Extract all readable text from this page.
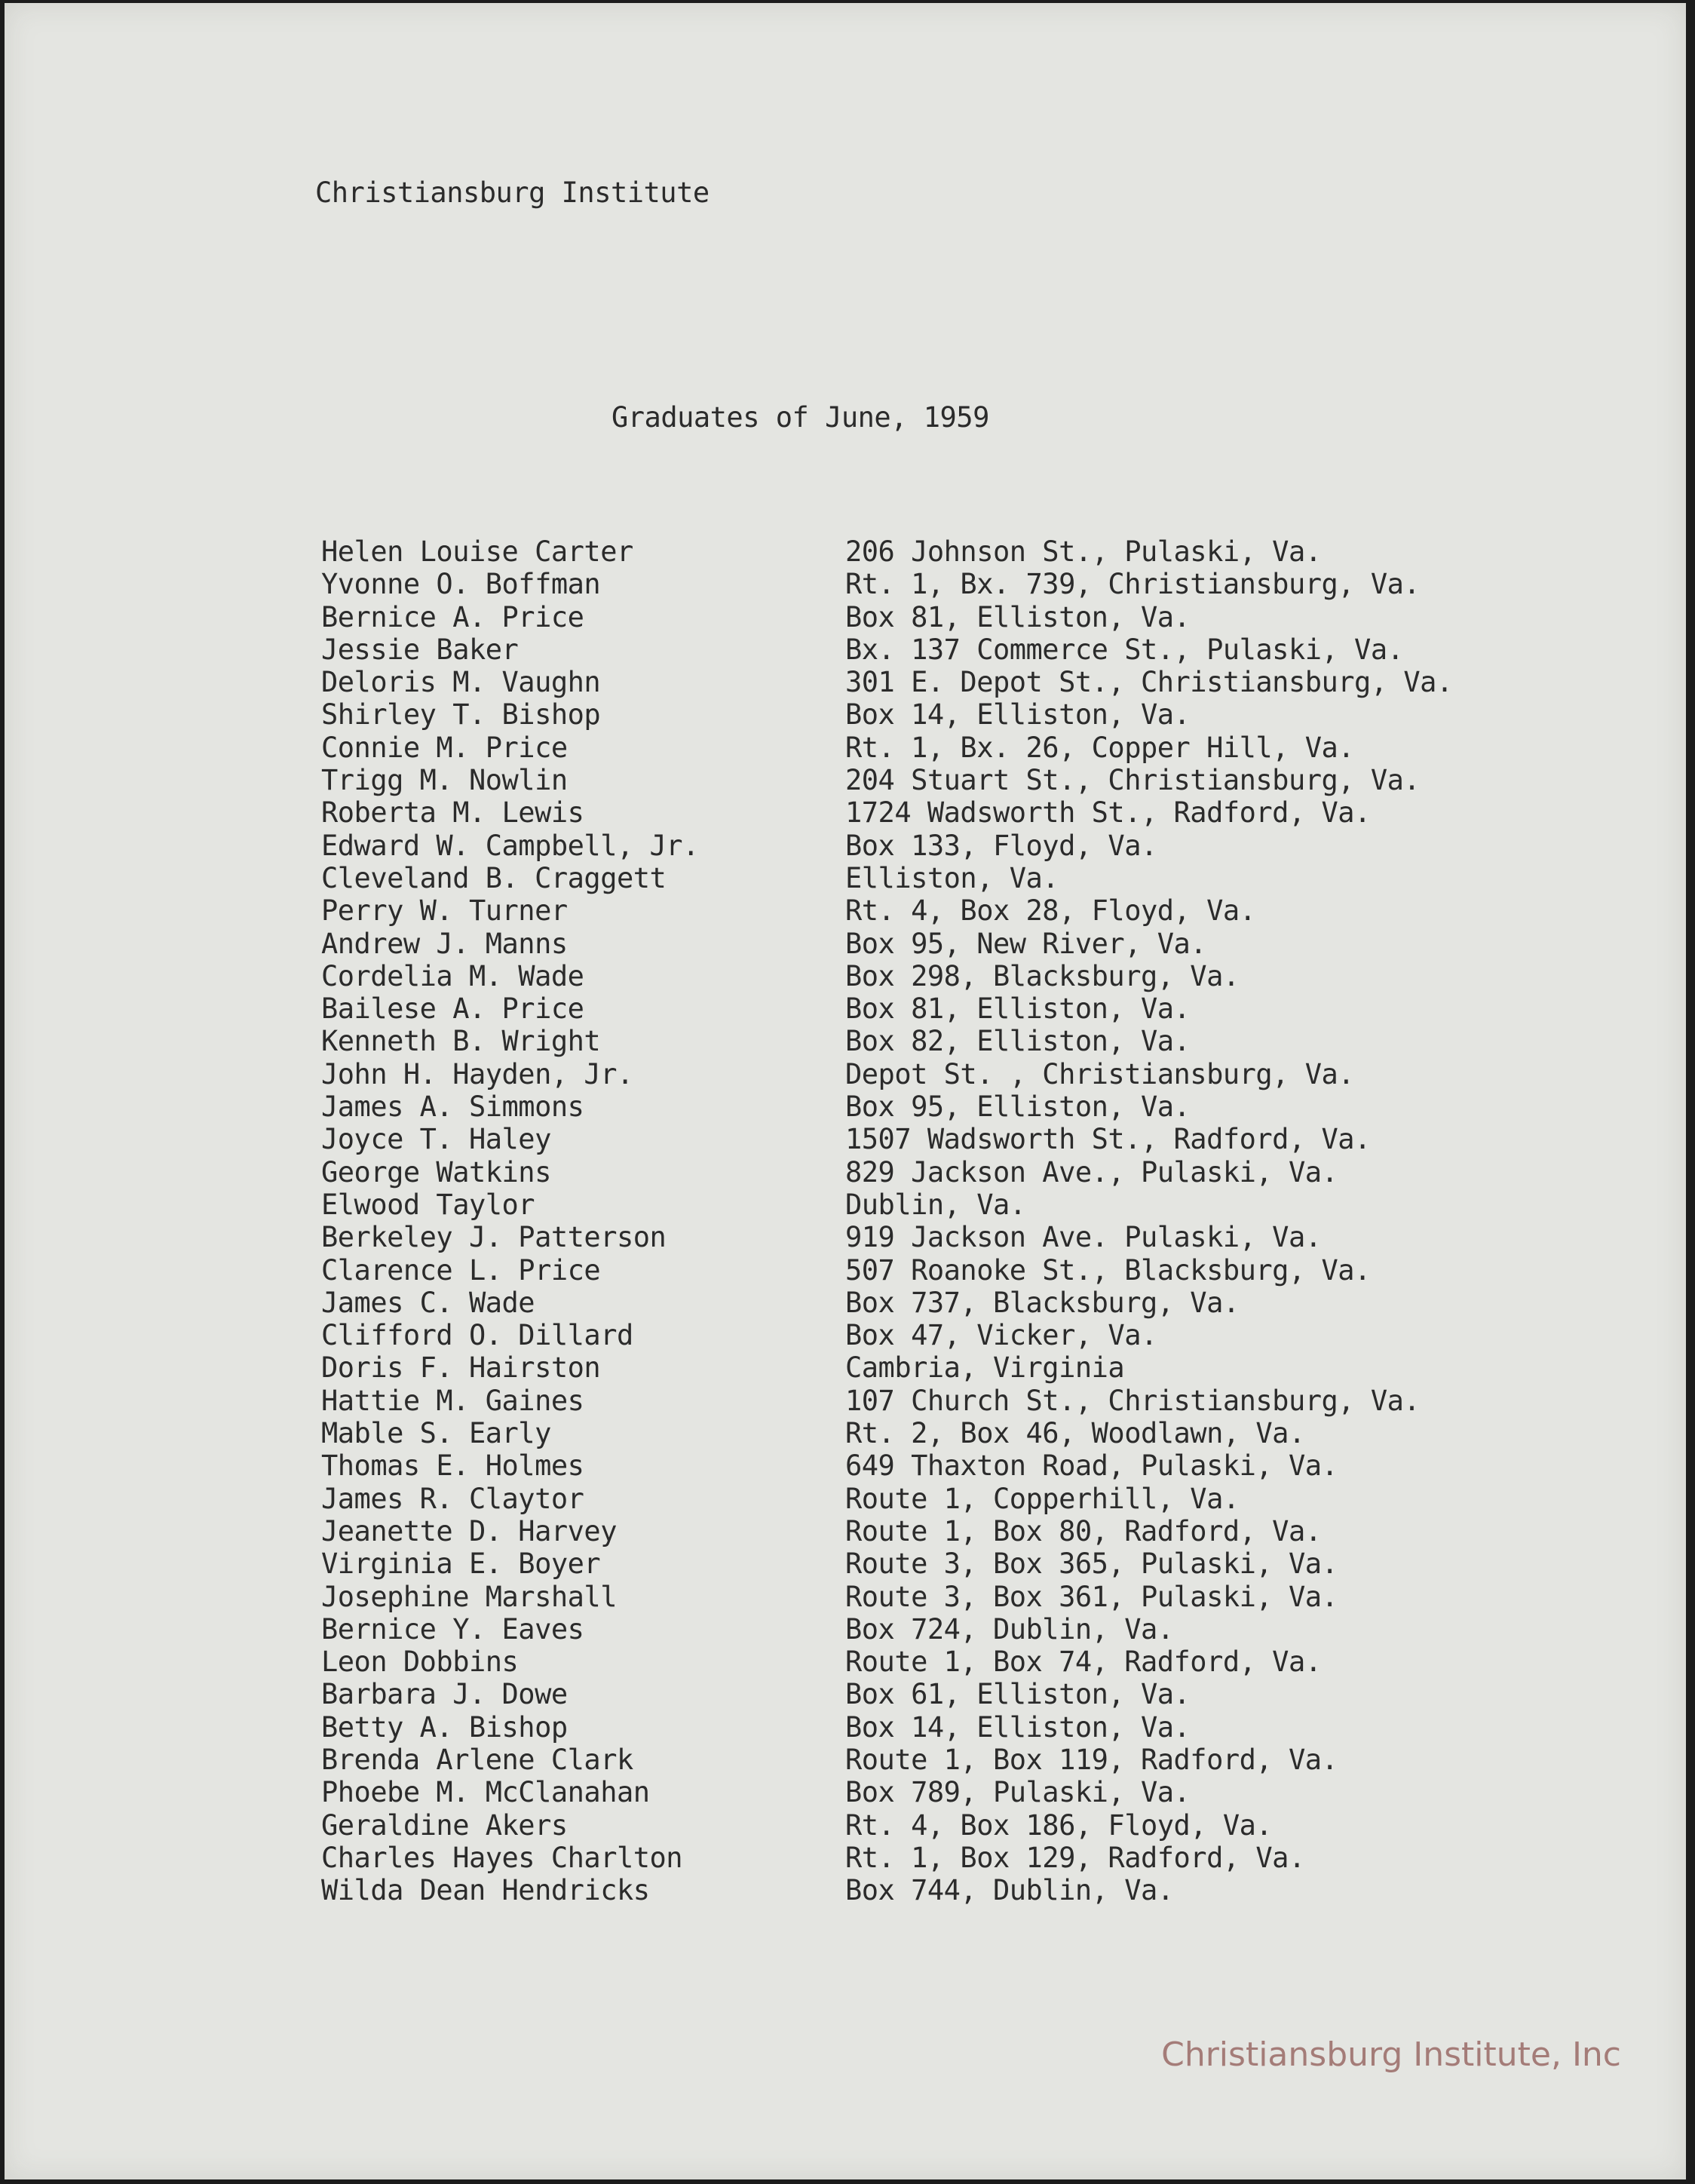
Christiansburg Institute
Graduates of June, 1959
Helen Louise Carter	206 Johnson St., Pulaski, Va.
Yvonne O. Boffman	Rt. 1, Bx. 739, Christiansburg, Va.
Bernice A. Price	Box 81, Elliston, Va.
Jessie Baker	Bx. 137 Commerce St., Pulaski, Va.
Deloris M. Vaughn	301 E. Depot St., Christiansburg, Va.
Shirley T. Bishop	Box 14, Elliston, Va.
Connie M. Price	Rt. 1, Bx. 26, Copper Hill, Va.
Trigg M. Nowlin	204 Stuart St., Christiansburg, Va.
Roberta M. Lewis	1724 Wadsworth St., Radford, Va.
Edward W. Campbell, Jr.	Box 133, Floyd, Va.
Cleveland B. Craggett	Elliston, Va.
Perry W. Turner	Rt. 4, Box 28, Floyd, Va.
Andrew J. Manns	Box 95, New River, Va.
Cordelia M. Wade	Box 298, Blacksburg, Va.
Bailese A. Price	Box 81, Elliston, Va.
Kenneth B. Wright	Box 82, Elliston, Va.
John H. Hayden, Jr.	Depot St. , Christiansburg, Va.
James A. Simmons	Box 95, Elliston, Va.
Joyce T. Haley	1507 Wadsworth St., Radford, Va.
George Watkins	829 Jackson Ave., Pulaski, Va.
Elwood Taylor	Dublin, Va.
Berkeley J. Patterson	919 Jackson Ave. Pulaski, Va.
Clarence L. Price	507 Roanoke St., Blacksburg, Va.
James C. Wade	Box 737, Blacksburg, Va.
Clifford O. Dillard	Box 47, Vicker, Va.
Doris F. Hairston	Cambria, Virginia
Hattie M. Gaines	107 Church St., Christiansburg, Va.
Mable S. Early	Rt. 2, Box 46, Woodlawn, Va.
Thomas E. Holmes	649 Thaxton Road, Pulaski, Va.
James R. Claytor	Route 1, Copperhill, Va.
Jeanette D. Harvey	Route 1, Box 80, Radford, Va.
Virginia E. Boyer	Route 3, Box 365, Pulaski, Va.
Josephine Marshall	Route 3, Box 361, Pulaski, Va.
Bernice Y. Eaves	Box 724, Dublin, Va.
Leon Dobbins	Route 1, Box 74, Radford, Va.
Barbara J. Dowe	Box 61, Elliston, Va.
Betty A. Bishop	Box 14, Elliston, Va.
Brenda Arlene Clark	Route 1, Box 119, Radford, Va.
Phoebe M. McClanahan	Box 789, Pulaski, Va.
Geraldine Akers	Rt. 4, Box 186, Floyd, Va.
Charles Hayes Charlton	Rt. 1, Box 129, Radford, Va.
Wilda Dean Hendricks	Box 744, Dublin, Va.
Christiansburg Institute, Inc
